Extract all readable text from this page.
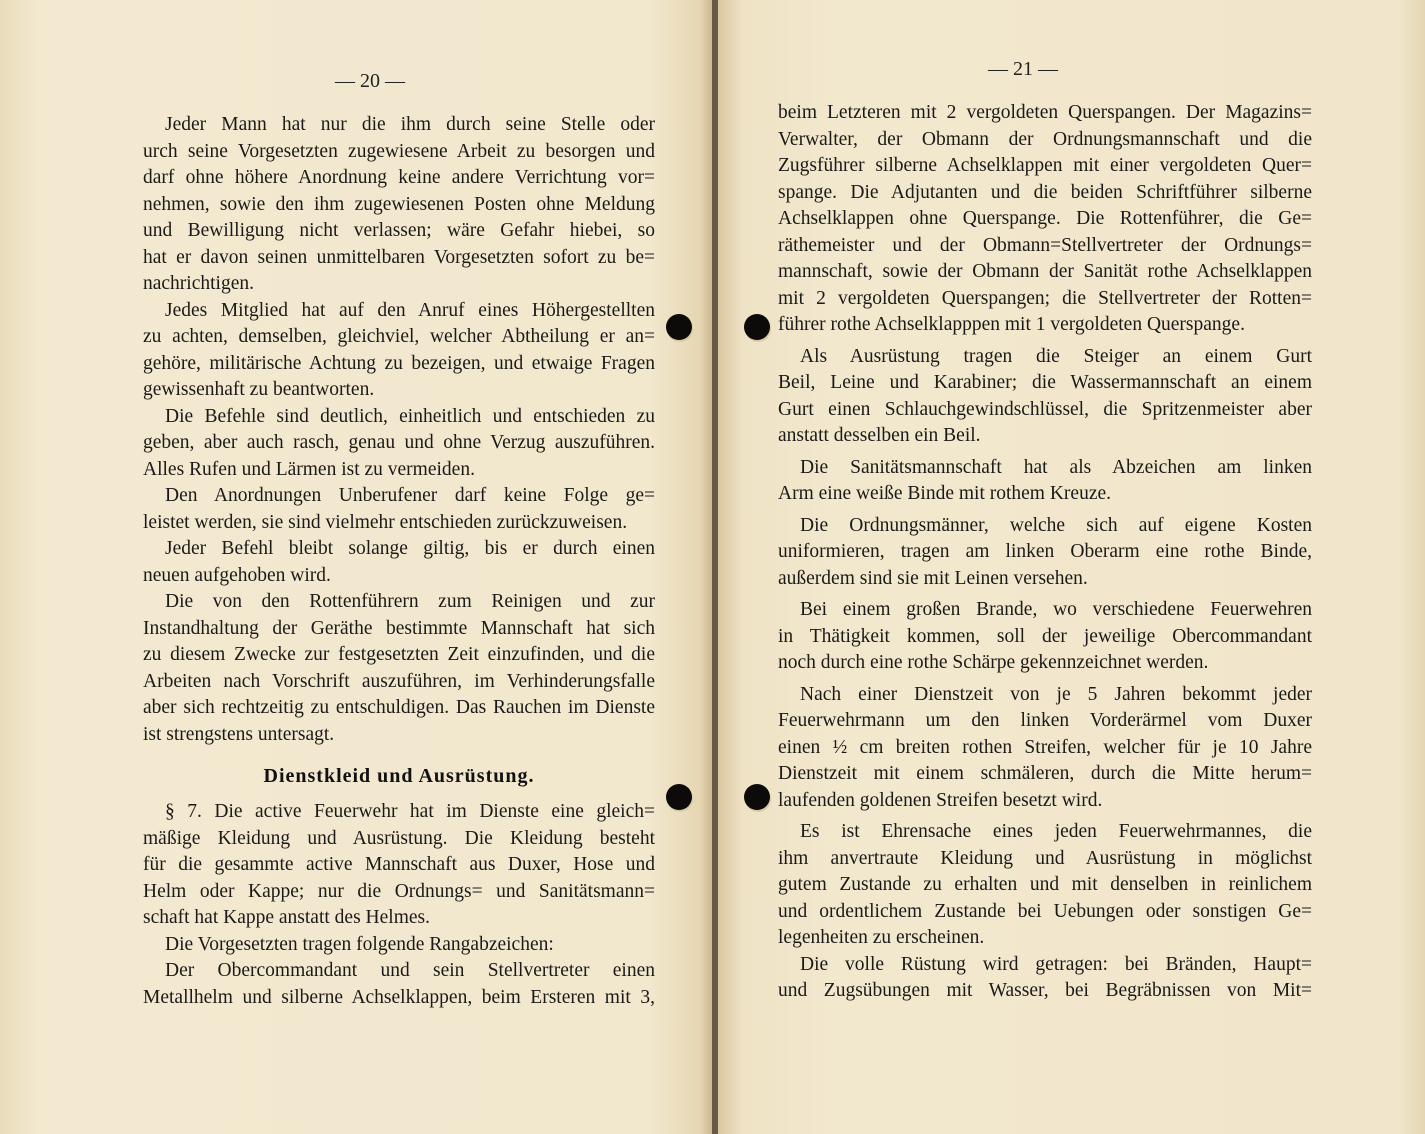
— 20 —
Jeder Mann hat nur die ihm durch seine Stelle oder
urch seine Vorgesetzten zugewiesene Arbeit zu besorgen und
darf ohne höhere Anordnung keine andere Verrichtung vor=
nehmen, sowie den ihm zugewiesenen Posten ohne Meldung
und Bewilligung nicht verlassen; wäre Gefahr hiebei, so
hat er davon seinen unmittelbaren Vorgesetzten sofort zu be=
nachrichtigen.
Jedes Mitglied hat auf den Anruf eines Höhergestellten
zu achten, demselben, gleichviel, welcher Abtheilung er an=
gehöre, militärische Achtung zu bezeigen, und etwaige Fragen
gewissenhaft zu beantworten.
Die Befehle sind deutlich, einheitlich und entschieden zu
geben, aber auch rasch, genau und ohne Verzug auszuführen.
Alles Rufen und Lärmen ist zu vermeiden.
Den Anordnungen Unberufener darf keine Folge ge=
leistet werden, sie sind vielmehr entschieden zurückzuweisen.
Jeder Befehl bleibt solange giltig, bis er durch einen
neuen aufgehoben wird.
Die von den Rottenführern zum Reinigen und zur
Instandhaltung der Geräthe bestimmte Mannschaft hat sich
zu diesem Zwecke zur festgesetzten Zeit einzufinden, und die
Arbeiten nach Vorschrift auszuführen, im Verhinderungsfalle
aber sich rechtzeitig zu entschuldigen. Das Rauchen im Dienste
ist strengstens untersagt.
Dienstkleid und Ausrüstung.
§ 7. Die active Feuerwehr hat im Dienste eine gleich=
mäßige Kleidung und Ausrüstung. Die Kleidung besteht
für die gesammte active Mannschaft aus Duxer, Hose und
Helm oder Kappe; nur die Ordnungs= und Sanitätsmann=
schaft hat Kappe anstatt des Helmes.
Die Vorgesetzten tragen folgende Rangabzeichen:
Der Obercommandant und sein Stellvertreter einen
Metallhelm und silberne Achselklappen, beim Ersteren mit 3,
— 21 —
beim Letzteren mit 2 vergoldeten Querspangen. Der Magazins=
Verwalter, der Obmann der Ordnungsmannschaft und die
Zugsführer silberne Achselklappen mit einer vergoldeten Quer=
spange. Die Adjutanten und die beiden Schriftführer silberne
Achselklappen ohne Querspange. Die Rottenführer, die Ge=
räthemeister und der Obmann=Stellvertreter der Ordnungs=
mannschaft, sowie der Obmann der Sanität rothe Achselklappen
mit 2 vergoldeten Querspangen; die Stellvertreter der Rotten=
führer rothe Achselklapppen mit 1 vergoldeten Querspange.
Als Ausrüstung tragen die Steiger an einem Gurt
Beil, Leine und Karabiner; die Wassermannschaft an einem
Gurt einen Schlauchgewindschlüssel, die Spritzenmeister aber
anstatt desselben ein Beil.
Die Sanitätsmannschaft hat als Abzeichen am linken
Arm eine weiße Binde mit rothem Kreuze.
Die Ordnungsmänner, welche sich auf eigene Kosten
uniformieren, tragen am linken Oberarm eine rothe Binde,
außerdem sind sie mit Leinen versehen.
Bei einem großen Brande, wo verschiedene Feuerwehren
in Thätigkeit kommen, soll der jeweilige Obercommandant
noch durch eine rothe Schärpe gekennzeichnet werden.
Nach einer Dienstzeit von je 5 Jahren bekommt jeder
Feuerwehrmann um den linken Vorderärmel vom Duxer
einen ½ cm breiten rothen Streifen, welcher für je 10 Jahre
Dienstzeit mit einem schmäleren, durch die Mitte herum=
laufenden goldenen Streifen besetzt wird.
Es ist Ehrensache eines jeden Feuerwehrmannes, die
ihm anvertraute Kleidung und Ausrüstung in möglichst
gutem Zustande zu erhalten und mit denselben in reinlichem
und ordentlichem Zustande bei Uebungen oder sonstigen Ge=
legenheiten zu erscheinen.
Die volle Rüstung wird getragen: bei Bränden, Haupt=
und Zugsübungen mit Wasser, bei Begräbnissen von Mit=
